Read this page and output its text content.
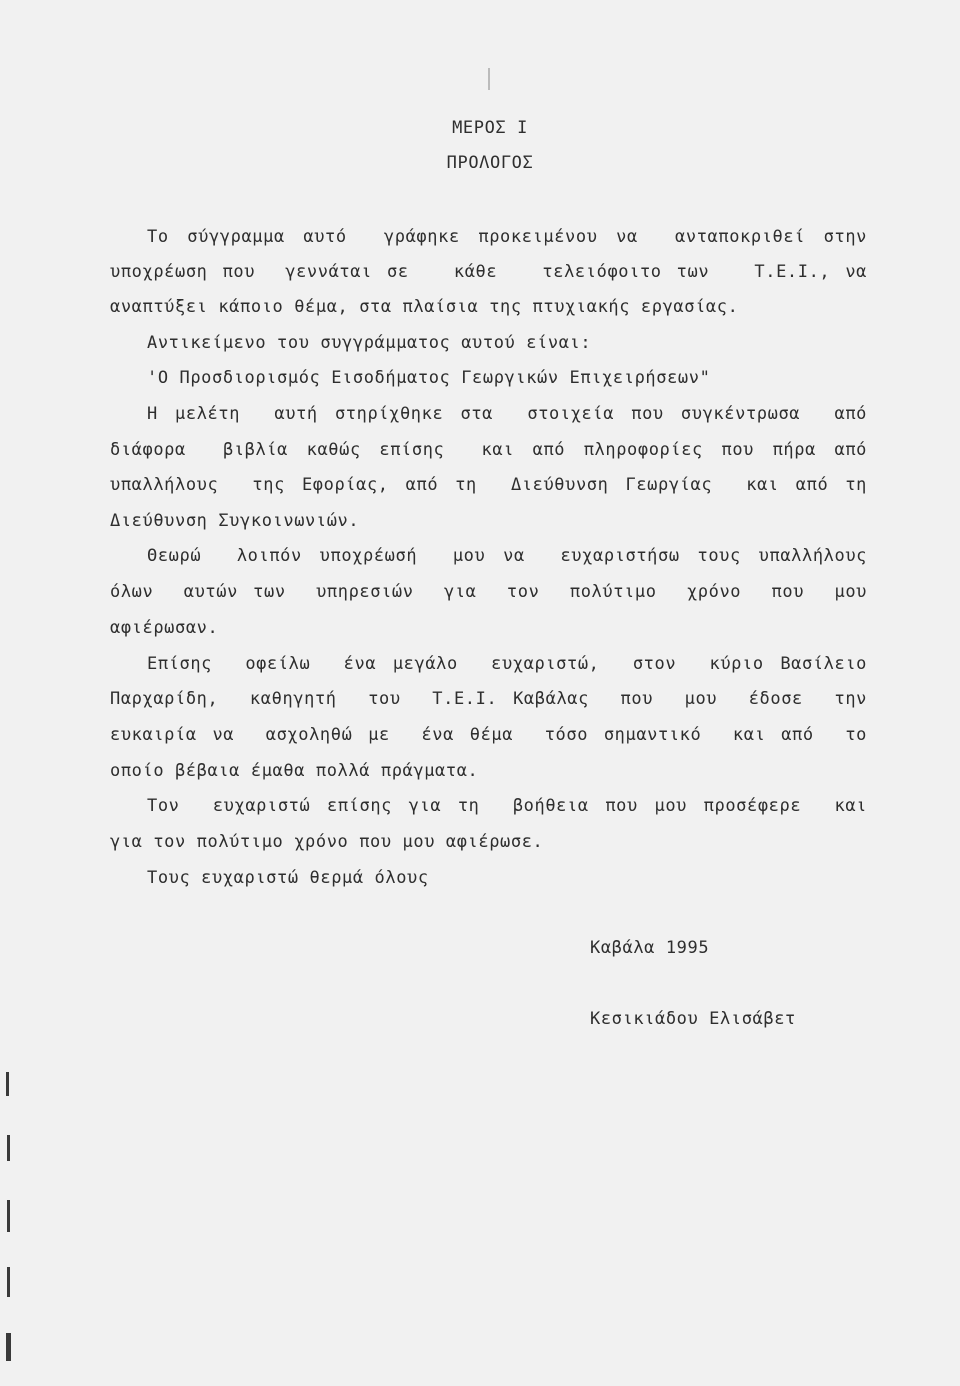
ΜΕΡΟΣ Ι
ΠΡΟΛΟΓΟΣ
Το σύγγραμμα αυτό  γράφηκε προκειμένου να  ανταποκριθεί στην
υποχρέωση που  γεννάται σε   κάθε   τελειόφοιτο των   Τ.Ε.Ι., να
αναπτύξει κάποιο θέμα, στα πλαίσια της πτυχιακής εργασίας.
Αντικείμενο του συγγράμματος αυτού είναι:
'Ο Προσδιορισμός Εισοδήματος Γεωργικών Επιχειρήσεων"
Η μελέτη  αυτή στηρίχθηκε στα  στοιχεία που συγκέντρωσα  από
διάφορα  βιβλία καθώς επίσης  και από πληροφορίες που πήρα από
υπαλλήλους  της Εφορίας, από τη  Διεύθυνση Γεωργίας  και από τη
Διεύθυνση Συγκοινωνιών.
Θεωρώ  λοιπόν υποχρέωσή  μου να  ευχαριστήσω τους υπαλλήλους
όλων  αυτών των  υπηρεσιών  για  τον  πολύτιμο  χρόνο  που  μου
αφιέρωσαν.
Επίσης  οφείλω  ένα μεγάλο  ευχαριστώ,  στον  κύριο Βασίλειο
Παρχαρίδη,  καθηγητή  του  Τ.Ε.Ι. Καβάλας  που  μου  έδοσε  την
ευκαιρία να  ασχοληθώ με  ένα θέμα  τόσο σημαντικό  και από  το
οποίο βέβαια έμαθα πολλά πράγματα.
Τον  ευχαριστώ επίσης για τη  βοήθεια που μου προσέφερε  και
για τον πολύτιμο χρόνο που μου αφιέρωσε.
Τους ευχαριστώ θερμά όλους
Καβάλα 1995
Κεσικιάδου Ελισάβετ
